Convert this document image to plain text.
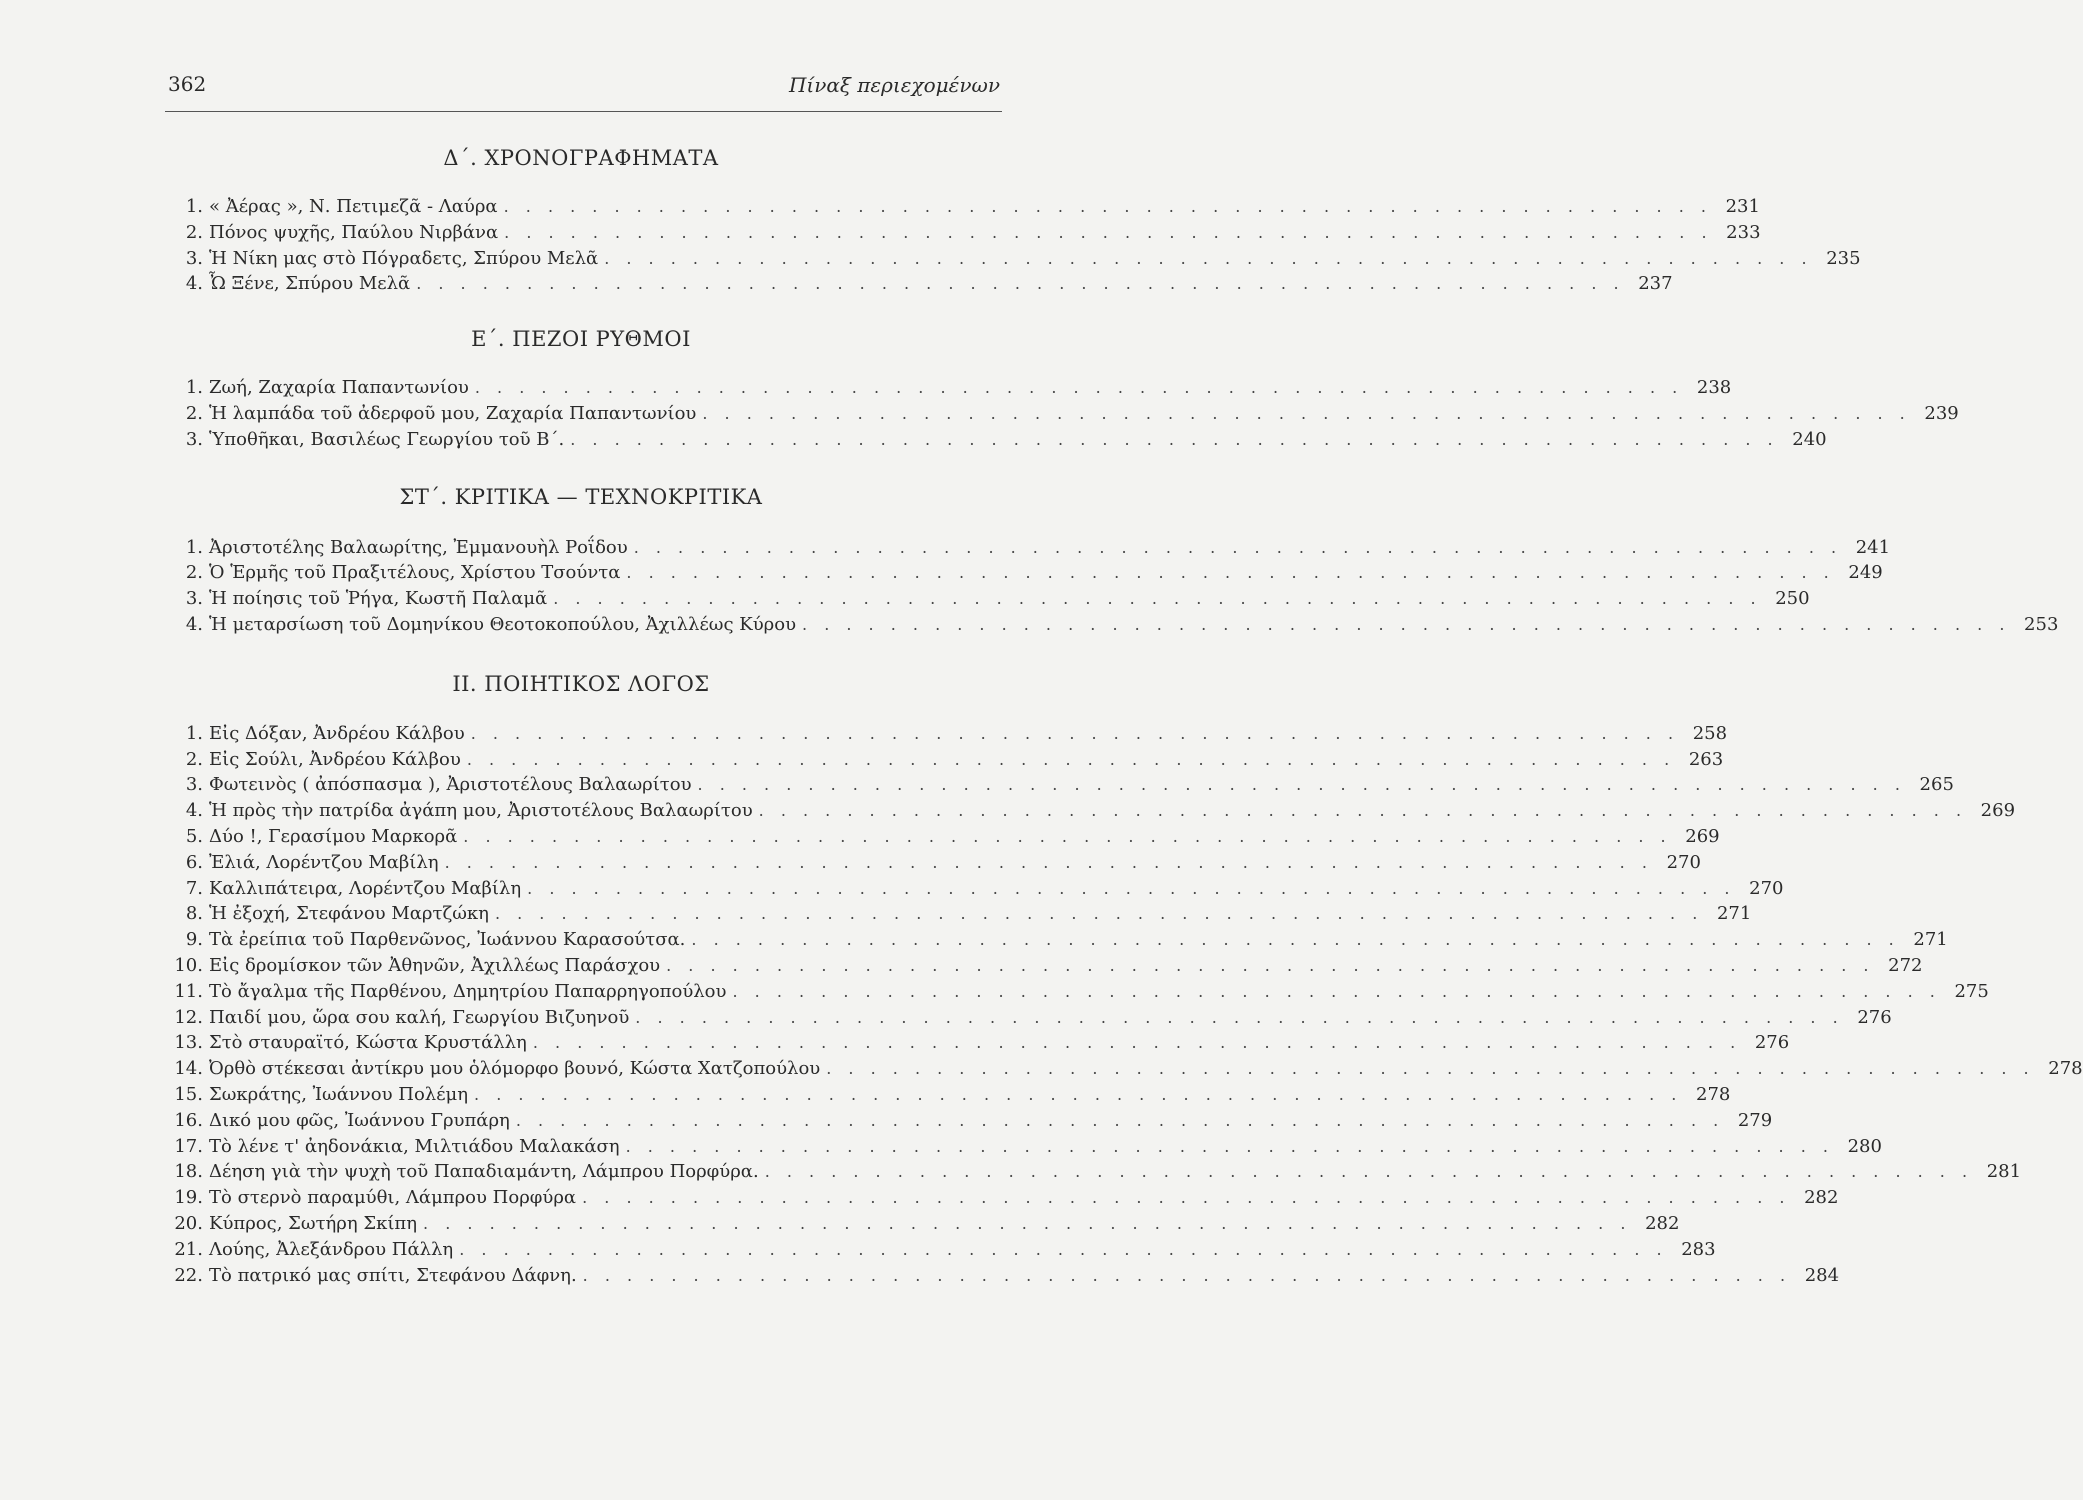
362	Πίναξ περιεχομένων
Δ΄. ΧΡΟΝΟΓΡΑΦΗΜΑΤΑ
1. « Ἀέρας », Ν. Πετιμεζᾶ - Λαύρα . . . . . . . . . . . . . . . . . . . . . . . . . . . . . . . . . . . . . . . . . . . . . . . . . . . . . . . 231
2. Πόνος ψυχῆς, Παύλου Νιρβάνα . . . . . . . . . . . . . . . . . . . . . . . . . . . . . . . . . . . . . . . . . . . . . . . . . . . . . . . 233
3. Ἡ Νίκη μας στὸ Πόγραδετς, Σπύρου Μελᾶ . . . . . . . . . . . . . . . . . . . . . . . . . . . . . . . . . . . . . . . . . . . . . . . . . . . . . . . 235
4. Ὦ Ξένε, Σπύρου Μελᾶ . . . . . . . . . . . . . . . . . . . . . . . . . . . . . . . . . . . . . . . . . . . . . . . . . . . . . . . 237
Ε΄. ΠΕΖΟΙ ΡΥΘΜΟΙ
1. Ζωή, Ζαχαρία Παπαντωνίου . . . . . . . . . . . . . . . . . . . . . . . . . . . . . . . . . . . . . . . . . . . . . . . . . . . . . . . 238
2. Ἡ λαμπάδα τοῦ ἀδερφοῦ μου, Ζαχαρία Παπαντωνίου . . . . . . . . . . . . . . . . . . . . . . . . . . . . . . . . . . . . . . . . . . . . . . . . . . . . . . . 239
3. Ὑποθῆκαι, Βασιλέως Γεωργίου τοῦ Β΄. . . . . . . . . . . . . . . . . . . . . . . . . . . . . . . . . . . . . . . . . . . . . . . . . . . . . . . . 240
ΣΤ΄. ΚΡΙΤΙΚΑ — ΤΕΧΝΟΚΡΙΤΙΚΑ
1. Ἀριστοτέλης Βαλαωρίτης, Ἐμμανουὴλ Ροΐδου . . . . . . . . . . . . . . . . . . . . . . . . . . . . . . . . . . . . . . . . . . . . . . . . . . . . . . . 241
2. Ὁ Ἑρμῆς τοῦ Πραξιτέλους, Χρίστου Τσούντα . . . . . . . . . . . . . . . . . . . . . . . . . . . . . . . . . . . . . . . . . . . . . . . . . . . . . . . 249
3. Ἡ ποίησις τοῦ Ῥήγα, Κωστῆ Παλαμᾶ . . . . . . . . . . . . . . . . . . . . . . . . . . . . . . . . . . . . . . . . . . . . . . . . . . . . . . . 250
4. Ἡ μεταρσίωση τοῦ Δομηνίκου Θεοτοκοπούλου, Ἀχιλλέως Κύρου . . . . . . . . . . . . . . . . . . . . . . . . . . . . . . . . . . . . . . . . . . . . . . . . . . . . . . . 253
ΙΙ. ΠΟΙΗΤΙΚΟΣ ΛΟΓΟΣ
1. Εἰς Δόξαν, Ἀνδρέου Κάλβου . . . . . . . . . . . . . . . . . . . . . . . . . . . . . . . . . . . . . . . . . . . . . . . . . . . . . . . 258
2. Εἰς Σούλι, Ἀνδρέου Κάλβου . . . . . . . . . . . . . . . . . . . . . . . . . . . . . . . . . . . . . . . . . . . . . . . . . . . . . . . 263
3. Φωτεινὸς ( ἀπόσπασμα ), Ἀριστοτέλους Βαλαωρίτου . . . . . . . . . . . . . . . . . . . . . . . . . . . . . . . . . . . . . . . . . . . . . . . . . . . . . . . 265
4. Ἡ πρὸς τὴν πατρίδα ἀγάπη μου, Ἀριστοτέλους Βαλαωρίτου . . . . . . . . . . . . . . . . . . . . . . . . . . . . . . . . . . . . . . . . . . . . . . . . . . . . . . . 269
5. Δύο !, Γερασίμου Μαρκορᾶ . . . . . . . . . . . . . . . . . . . . . . . . . . . . . . . . . . . . . . . . . . . . . . . . . . . . . . . 269
6. Ἐλιά, Λορέντζου Μαβίλη . . . . . . . . . . . . . . . . . . . . . . . . . . . . . . . . . . . . . . . . . . . . . . . . . . . . . . . 270
7. Καλλιπάτειρα, Λορέντζου Μαβίλη . . . . . . . . . . . . . . . . . . . . . . . . . . . . . . . . . . . . . . . . . . . . . . . . . . . . . . . 270
8. Ἡ ἐξοχή, Στεφάνου Μαρτζώκη . . . . . . . . . . . . . . . . . . . . . . . . . . . . . . . . . . . . . . . . . . . . . . . . . . . . . . . 271
9. Τὰ ἐρείπια τοῦ Παρθενῶνος, Ἰωάννου Καρασούτσα. . . . . . . . . . . . . . . . . . . . . . . . . . . . . . . . . . . . . . . . . . . . . . . . . . . . . . . . 271
10. Εἰς δρομίσκον τῶν Ἀθηνῶν, Ἀχιλλέως Παράσχου . . . . . . . . . . . . . . . . . . . . . . . . . . . . . . . . . . . . . . . . . . . . . . . . . . . . . . . 272
11. Τὸ ἄγαλμα τῆς Παρθένου, Δημητρίου Παπαρρηγοπούλου . . . . . . . . . . . . . . . . . . . . . . . . . . . . . . . . . . . . . . . . . . . . . . . . . . . . . . . 275
12. Παιδί μου, ὥρα σου καλή, Γεωργίου Βιζυηνοῦ . . . . . . . . . . . . . . . . . . . . . . . . . . . . . . . . . . . . . . . . . . . . . . . . . . . . . . . 276
13. Στὸ σταυραϊτό, Κώστα Κρυστάλλη . . . . . . . . . . . . . . . . . . . . . . . . . . . . . . . . . . . . . . . . . . . . . . . . . . . . . . . 276
14. Ὀρθὸ στέκεσαι ἀντίκρυ μου ὁλόμορφο βουνό, Κώστα Χατζοπούλου . . . . . . . . . . . . . . . . . . . . . . . . . . . . . . . . . . . . . . . . . . . . . . . . . . . . . . . 278
15. Σωκράτης, Ἰωάννου Πολέμη . . . . . . . . . . . . . . . . . . . . . . . . . . . . . . . . . . . . . . . . . . . . . . . . . . . . . . . 278
16. Δικό μου φῶς, Ἰωάννου Γρυπάρη . . . . . . . . . . . . . . . . . . . . . . . . . . . . . . . . . . . . . . . . . . . . . . . . . . . . . . . 279
17. Τὸ λένε τ' ἀηδονάκια, Μιλτιάδου Μαλακάση . . . . . . . . . . . . . . . . . . . . . . . . . . . . . . . . . . . . . . . . . . . . . . . . . . . . . . . 280
18. Δέηση γιὰ τὴν ψυχὴ τοῦ Παπαδιαμάντη, Λάμπρου Πορφύρα. . . . . . . . . . . . . . . . . . . . . . . . . . . . . . . . . . . . . . . . . . . . . . . . . . . . . . . . 281
19. Τὸ στερνὸ παραμύθι, Λάμπρου Πορφύρα . . . . . . . . . . . . . . . . . . . . . . . . . . . . . . . . . . . . . . . . . . . . . . . . . . . . . . . 282
20. Κύπρος, Σωτήρη Σκίπη . . . . . . . . . . . . . . . . . . . . . . . . . . . . . . . . . . . . . . . . . . . . . . . . . . . . . . . 282
21. Λούης, Ἀλεξάνδρου Πάλλη . . . . . . . . . . . . . . . . . . . . . . . . . . . . . . . . . . . . . . . . . . . . . . . . . . . . . . . 283
22. Τὸ πατρικό μας σπίτι, Στεφάνου Δάφνη. . . . . . . . . . . . . . . . . . . . . . . . . . . . . . . . . . . . . . . . . . . . . . . . . . . . . . . . 284
